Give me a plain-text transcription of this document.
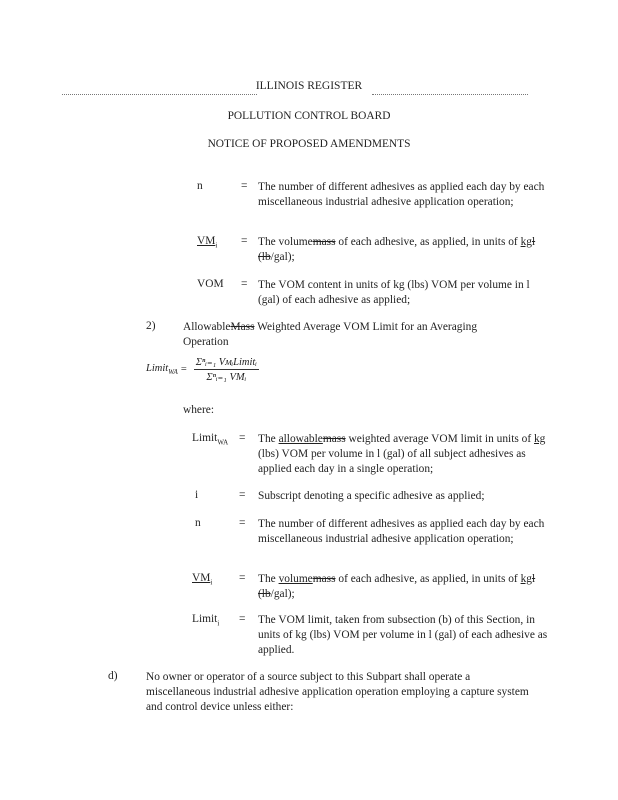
ILLINOIS REGISTER
POLLUTION CONTROL BOARD
NOTICE OF PROPOSED AMENDMENTS
n	= The number of different adhesives as applied each day by each miscellaneous industrial adhesive application operation;
$VM_i$ = The volumemass of each adhesive, as applied, in units of kgl (lb/gal);
VOM = The VOM content in units of kg (lbs) VOM per volume in l (gal) of each adhesive as applied;
2) AllowableMass Weighted Average VOM Limit for an Averaging Operation
Limit$_{WA}$ = $\frac{\text{Σⁿᵢ₌₁ VᴍᵢLimitᵢ}}{\text{Σⁿᵢ₌₁ VMᵢ}}$
where:
Limit$_{WA}$ = The allowablemass weighted average VOM limit in units of kg (lbs) VOM per volume in l (gal) of all subject adhesives as applied each day in a single operation;
i	= Subscript denoting a specific adhesive as applied;
n	= The number of different adhesives as applied each day by each miscellaneous industrial adhesive application operation;
$VM_i$ = The volumemass of each adhesive, as applied, in units of kgl (lb/gal);
Limit$_i$ = The VOM limit, taken from subsection (b) of this Section, in units of kg (lbs) VOM per volume in l (gal) of each adhesive as applied.
d)	No owner or operator of a source subject to this Subpart shall operate a miscellaneous industrial adhesive application operation employing a capture system and control device unless either:
